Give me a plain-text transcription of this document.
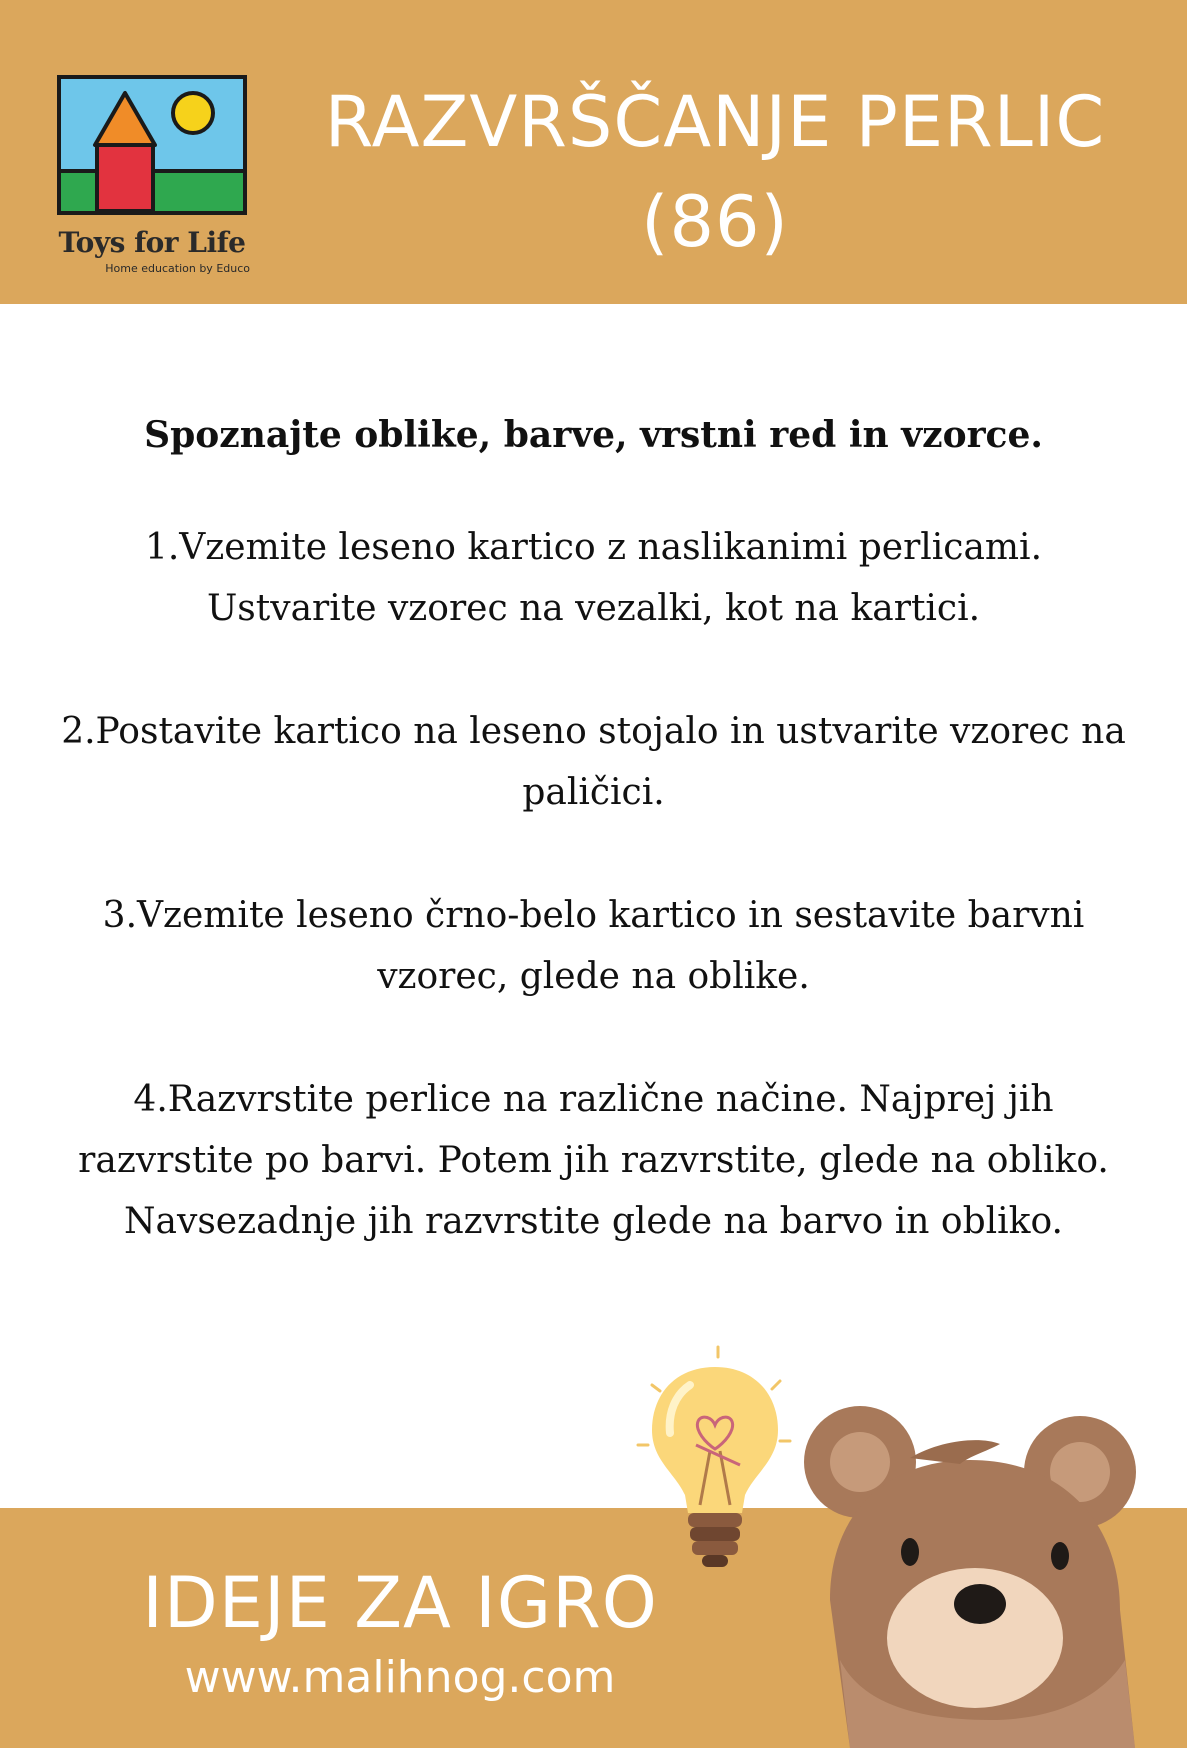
Toys for Life
Home education by Educo
RAZVRŠČANJE PERLIC
(86)

Spoznajte oblike, barve, vrstni red in vzorce.

1.Vzemite leseno kartico z naslikanimi perlicami. Ustvarite vzorec na vezalki, kot na kartici.

2.Postavite kartico na leseno stojalo in ustvarite vzorec na paličici.

3.Vzemite leseno črno-belo kartico in sestavite barvni vzorec, glede na oblike.

4.Razvrstite perlice na različne načine. Najprej jih razvrstite po barvi. Potem jih razvrstite, glede na obliko. Navsezadnje jih razvrstite glede na barvo in obliko.

IDEJE ZA IGRO
www.malihnog.com
